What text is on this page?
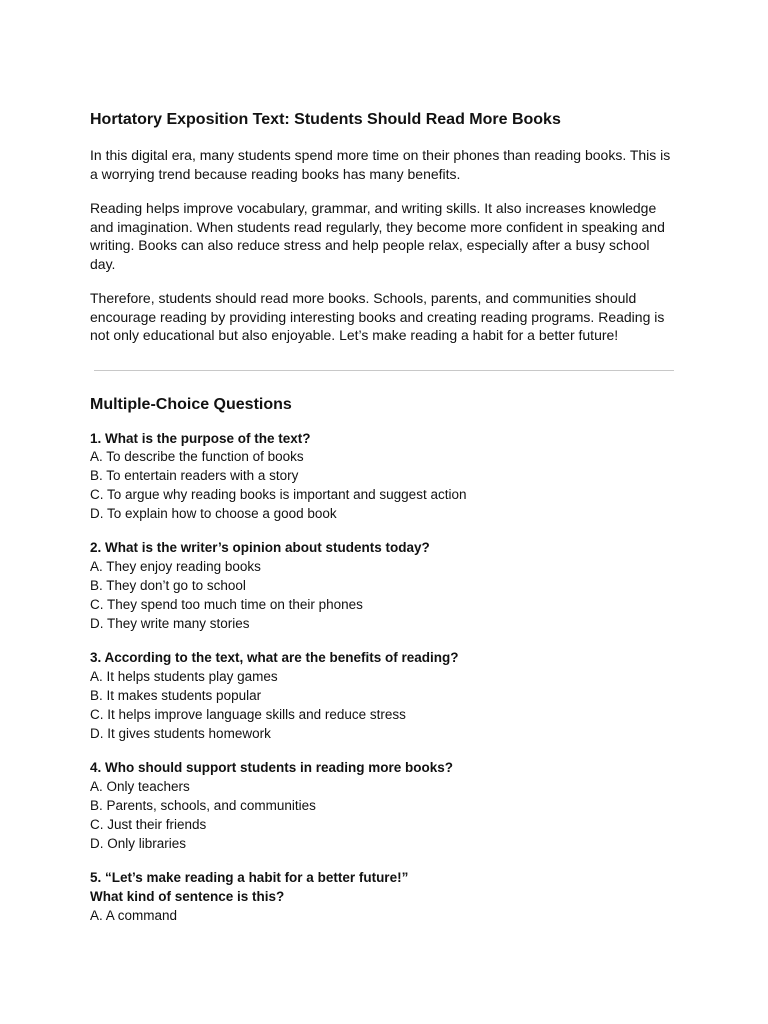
Hortatory Exposition Text: Students Should Read More Books

In this digital era, many students spend more time on their phones than reading books. This is a worrying trend because reading books has many benefits.

Reading helps improve vocabulary, grammar, and writing skills. It also increases knowledge and imagination. When students read regularly, they become more confident in speaking and writing. Books can also reduce stress and help people relax, especially after a busy school day.

Therefore, students should read more books. Schools, parents, and communities should encourage reading by providing interesting books and creating reading programs. Reading is not only educational but also enjoyable. Let’s make reading a habit for a better future!

Multiple-Choice Questions
1. What is the purpose of the text?
A. To describe the function of books
B. To entertain readers with a story
C. To argue why reading books is important and suggest action
D. To explain how to choose a good book
2. What is the writer’s opinion about students today?
A. They enjoy reading books
B. They don’t go to school
C. They spend too much time on their phones
D. They write many stories
3. According to the text, what are the benefits of reading?
A. It helps students play games
B. It makes students popular
C. It helps improve language skills and reduce stress
D. It gives students homework
4. Who should support students in reading more books?
A. Only teachers
B. Parents, schools, and communities
C. Just their friends
D. Only libraries
5. “Let’s make reading a habit for a better future!”
What kind of sentence is this?
A. A command
